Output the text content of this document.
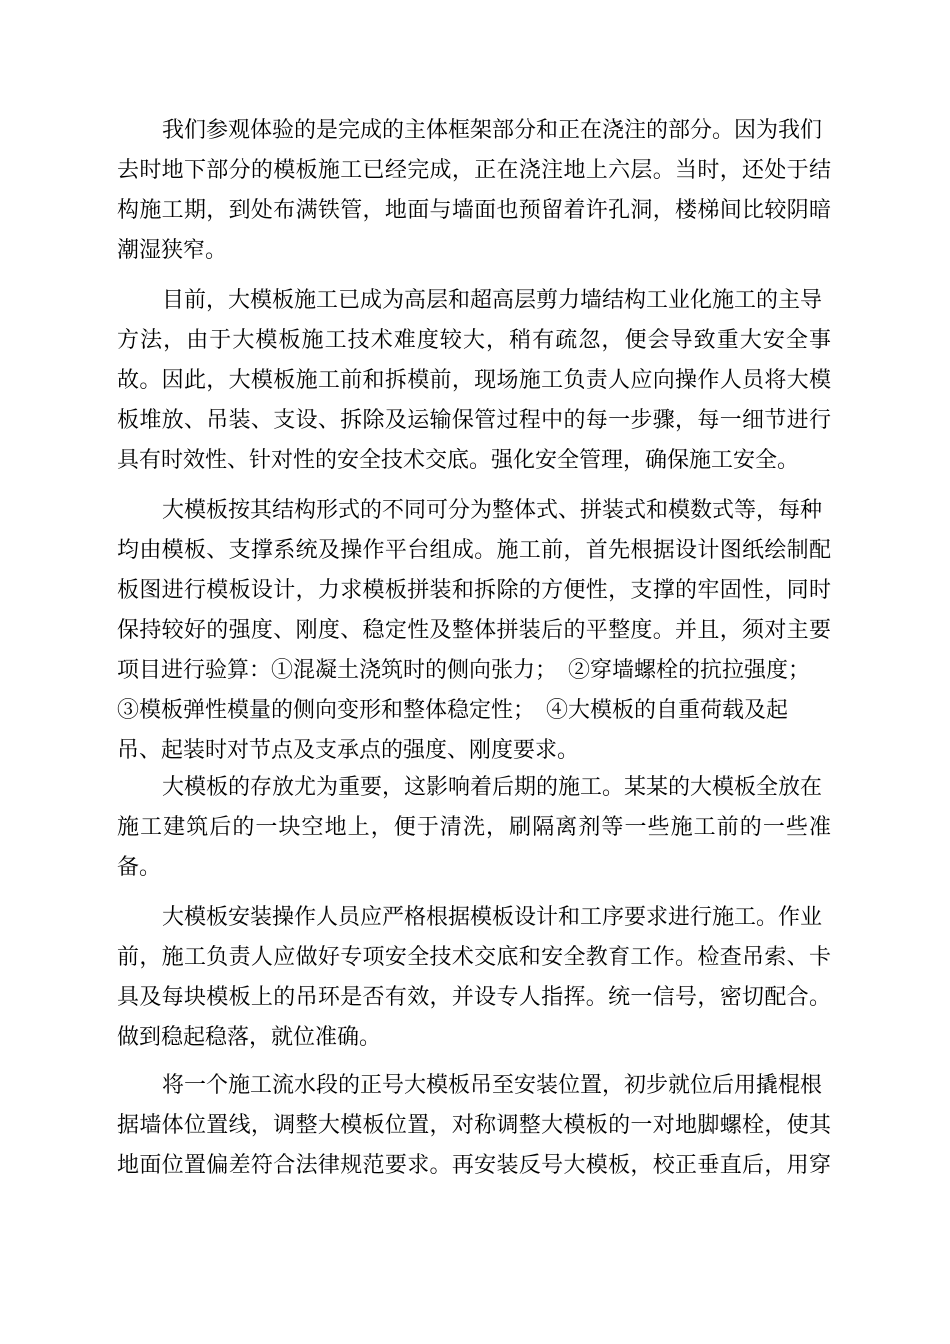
我们参观体验的是完成的主体框架部分和正在浇注的部分。因为我们
去时地下部分的模板施工已经完成，正在浇注地上六层。当时，还处于结
构施工期，到处布满铁管，地面与墙面也预留着许孔洞，楼梯间比较阴暗
潮湿狭窄。
目前，大模板施工已成为高层和超高层剪力墙结构工业化施工的主导
方法，由于大模板施工技术难度较大，稍有疏忽，便会导致重大安全事
故。因此，大模板施工前和拆模前，现场施工负责人应向操作人员将大模
板堆放、吊装、支设、拆除及运输保管过程中的每一步骤，每一细节进行
具有时效性、针对性的安全技术交底。强化安全管理，确保施工安全。
大模板按其结构形式的不同可分为整体式、拼装式和模数式等，每种
均由模板、支撑系统及操作平台组成。施工前，首先根据设计图纸绘制配
板图进行模板设计，力求模板拼装和拆除的方便性，支撑的牢固性，同时
保持较好的强度、刚度、稳定性及整体拼装后的平整度。并且，须对主要
项目进行验算：①混凝土浇筑时的侧向张力；　②穿墙螺栓的抗拉强度；
③模板弹性模量的侧向变形和整体稳定性；　④大模板的自重荷载及起
吊、起装时对节点及支承点的强度、刚度要求。
大模板的存放尤为重要，这影响着后期的施工。某某的大模板全放在
施工建筑后的一块空地上，便于清洗，刷隔离剂等一些施工前的一些准
备。
大模板安装操作人员应严格根据模板设计和工序要求进行施工。作业
前，施工负责人应做好专项安全技术交底和安全教育工作。检查吊索、卡
具及每块模板上的吊环是否有效，并设专人指挥。统一信号，密切配合。
做到稳起稳落，就位准确。
将一个施工流水段的正号大模板吊至安装位置，初步就位后用撬棍根
据墙体位置线，调整大模板位置，对称调整大模板的一对地脚螺栓，使其
地面位置偏差符合法律规范要求。再安装反号大模板，校正垂直后，用穿
